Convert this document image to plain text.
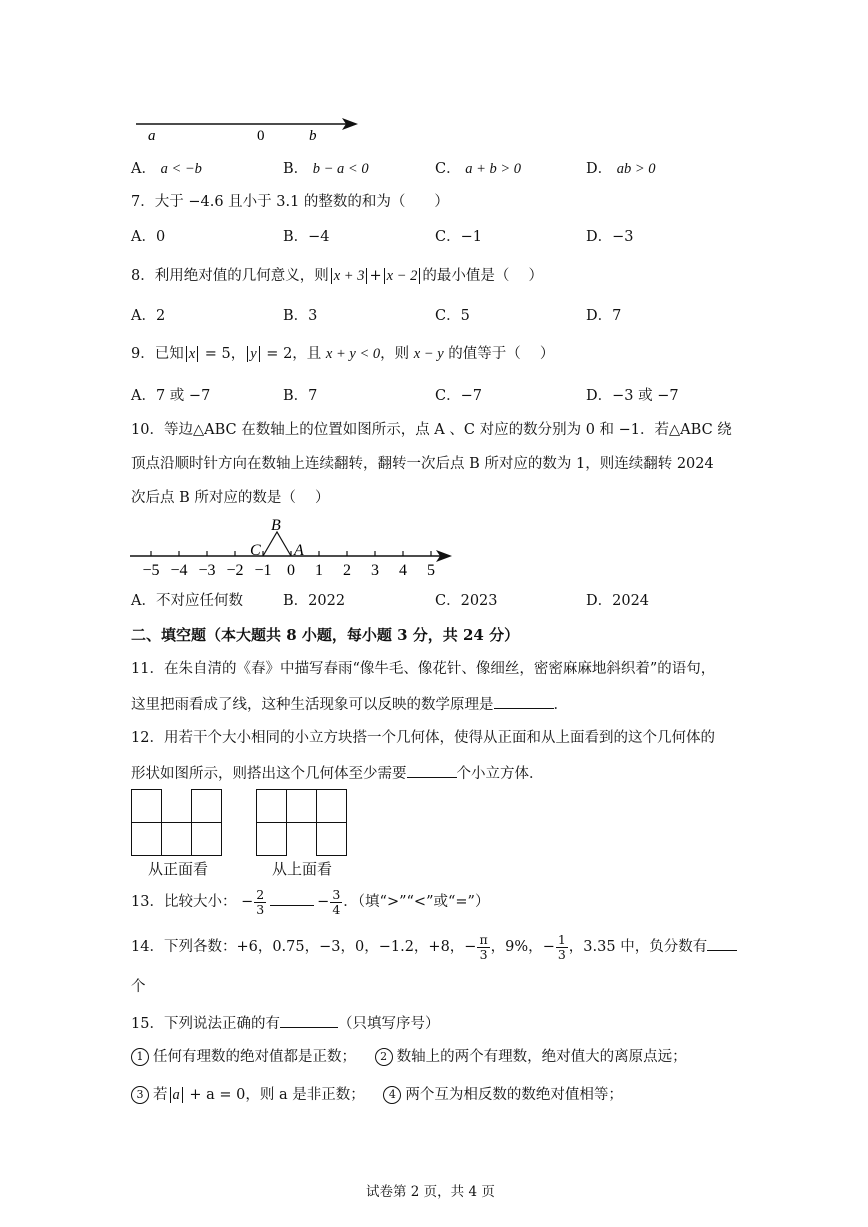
a	0	b
A． a < −b	B． b − a < 0	C． a + b > 0	D． ab > 0
7．大于 −4.6 且小于 3.1 的整数的和为（　　）
A．0	B．−4	C．−1	D．−3
8．利用绝对值的几何意义，则 x + 3 + x − 2 的最小值是（　 ）
A．2	B．3	C．5	D．7
9．已知 x = 5， y = 2，且 x + y < 0，则 x − y 的值等于（　 ）
A．7 或 −7	B．7	C．−7	D．−3 或 −7
10．等边△ABC 在数轴上的位置如图所示，点 A 、C 对应的数分别为 0 和 −1．若△ABC 绕
顶点沿顺时针方向在数轴上连续翻转，翻转一次后点 B 所对应的数为 1，则连续翻转 2024
次后点 B 所对应的数是（　 ）
−5 −4 −3 −2 −1 0 1 2 3 4 5
B
C A
A．不对应任何数	B．2022	C．2023	D．2024
二、填空题（本大题共 8 小题，每小题 3 分，共 24 分）
11．在朱自清的《春》中描写春雨“像牛毛、像花针、像细丝，密密麻麻地斜织着”的语句，
这里把雨看成了线，这种生活现象可以反映的数学原理是	．
12．用若干个大小相同的小立方块搭一个几何体，使得从正面和从上面看到的这个几何体的
形状如图所示，则搭出这个几何体至少需要	个小立方体．

从正面看

			从上面看
13．比较大小： − $\frac{2}{3}$	− $\frac{3}{4}$ ．（填“>”“<”或“=”）
14．下列各数：+6，0.75，−3，0，−1.2，+8，− $\frac{\pi}{3}$ ，9%，− $\frac{1}{3}$ ，3.35 中，负分数有
个
15．下列说法正确的有	（只填写序号）
1 任何有理数的绝对值都是正数； 2 数轴上的两个有理数，绝对值大的离原点远；
3 若 a + a = 0，则 a 是非正数； 4 两个互为相反数的数绝对值相等；
试卷第 2 页，共 4 页
